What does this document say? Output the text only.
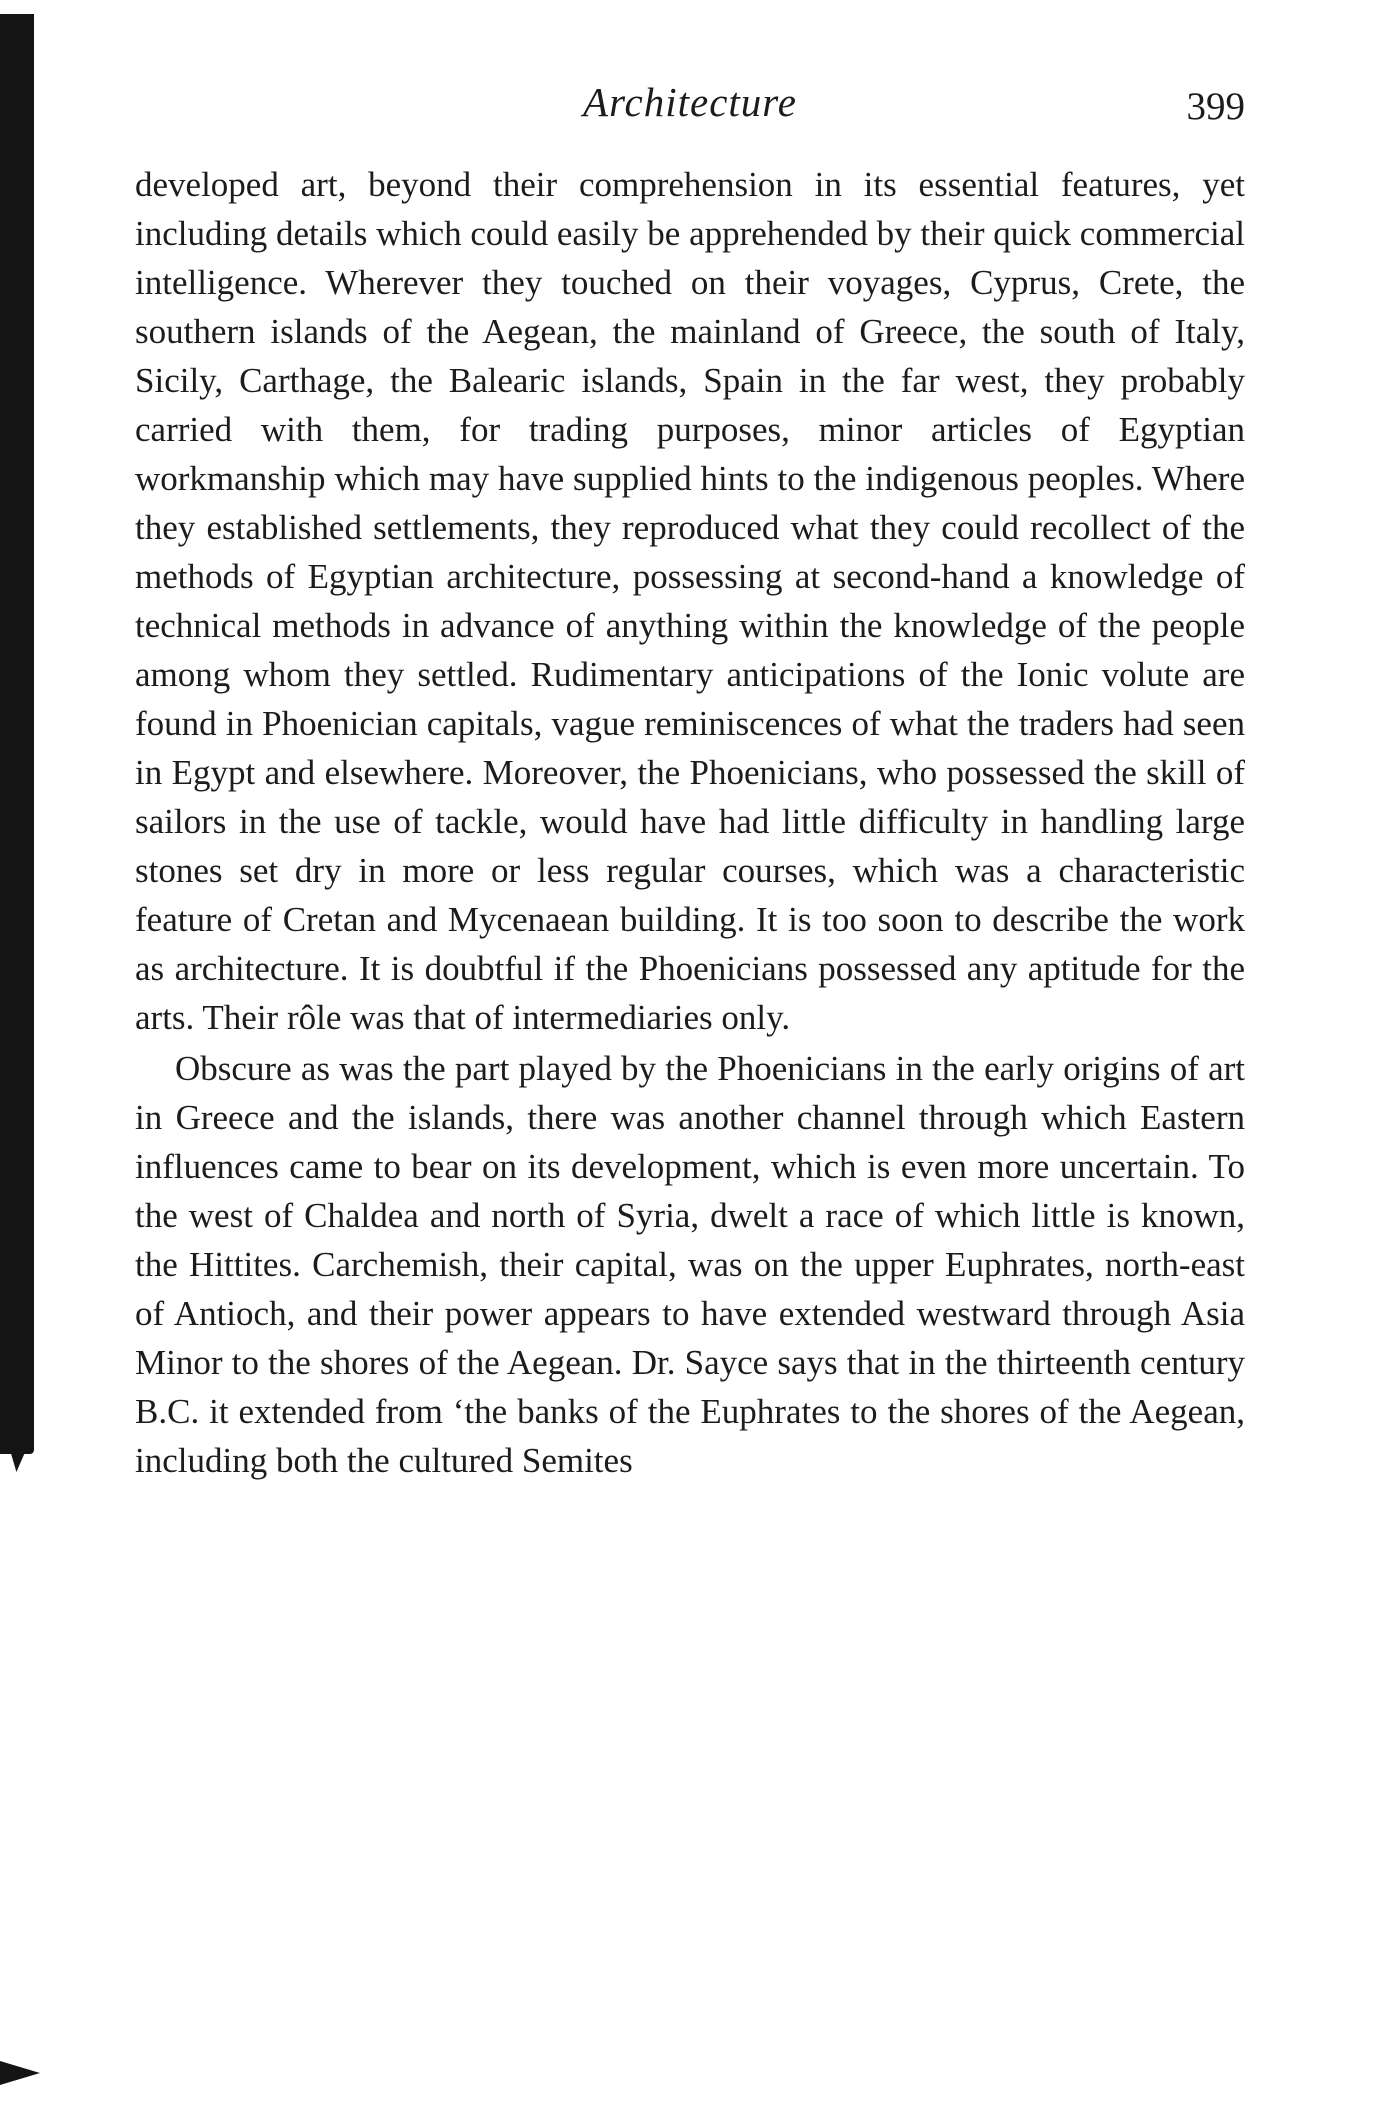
Architecture	399

developed art, beyond their comprehension in its essential features, yet including details which could easily be apprehended by their quick commercial intelligence. Wherever they touched on their voyages, Cyprus, Crete, the southern islands of the Aegean, the mainland of Greece, the south of Italy, Sicily, Carthage, the Balearic islands, Spain in the far west, they probably carried with them, for trading purposes, minor articles of Egyptian workmanship which may have supplied hints to the indigenous peoples. Where they established settlements, they reproduced what they could recollect of the methods of Egyptian architecture, possessing at second-hand a knowledge of technical methods in advance of anything within the knowledge of the people among whom they settled. Rudimentary anticipations of the Ionic volute are found in Phoenician capitals, vague reminiscences of what the traders had seen in Egypt and elsewhere. Moreover, the Phoenicians, who possessed the skill of sailors in the use of tackle, would have had little difficulty in handling large stones set dry in more or less regular courses, which was a characteristic feature of Cretan and Mycenaean building. It is too soon to describe the work as architecture. It is doubtful if the Phoenicians possessed any aptitude for the arts. Their rôle was that of intermediaries only.

Obscure as was the part played by the Phoenicians in the early origins of art in Greece and the islands, there was another channel through which Eastern influences came to bear on its development, which is even more uncertain. To the west of Chaldea and north of Syria, dwelt a race of which little is known, the Hittites. Carchemish, their capital, was on the upper Euphrates, north-east of Antioch, and their power appears to have extended westward through Asia Minor to the shores of the Aegean. Dr. Sayce says that in the thirteenth century B.C. it extended from ‘the banks of the Euphrates to the shores of the Aegean, including both the cultured Semites
